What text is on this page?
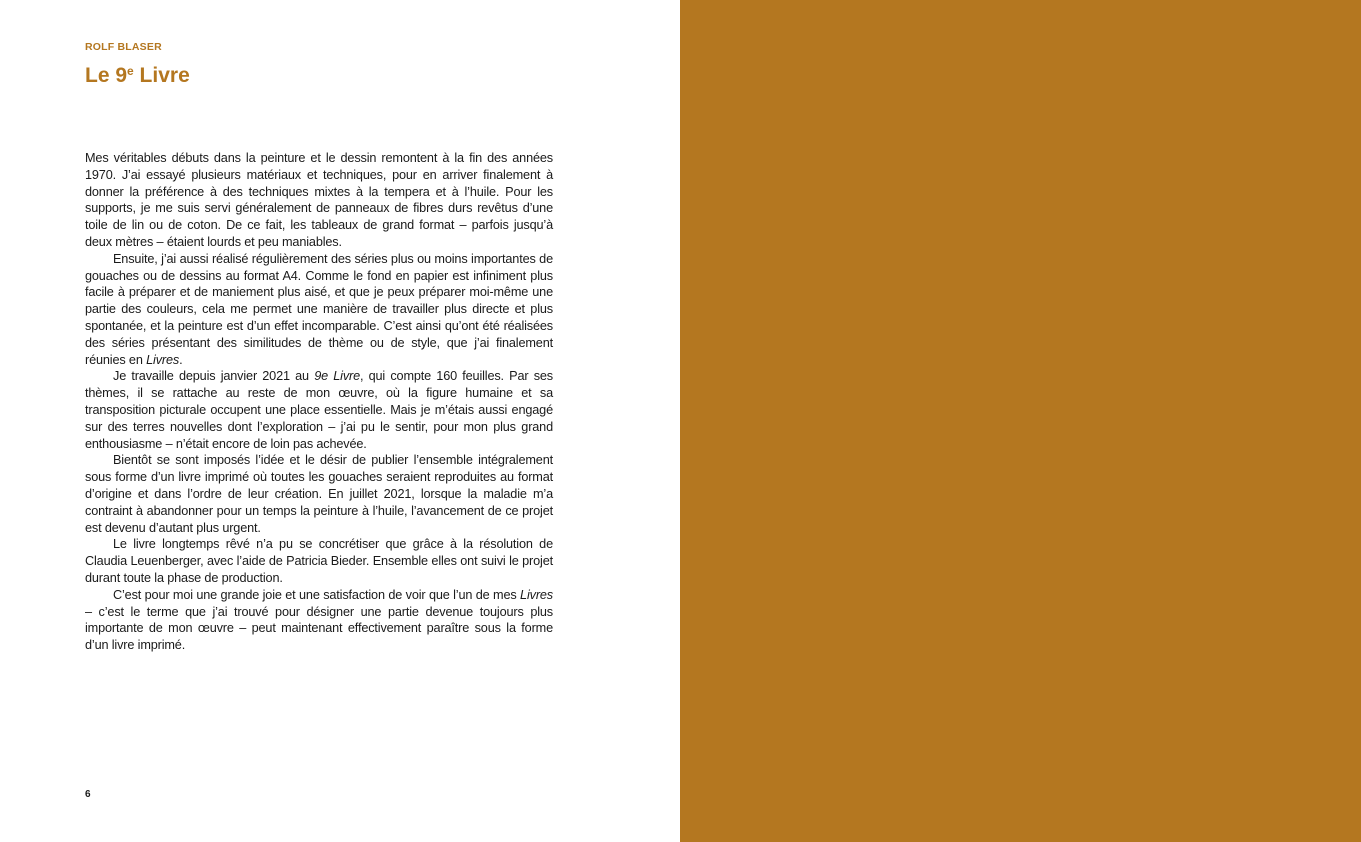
ROLF BLASER
Le 9e Livre

Mes véritables débuts dans la peinture et le dessin remontent à la fin des années 1970. J’ai essayé plusieurs matériaux et techniques, pour en arriver finalement à donner la préférence à des techniques mixtes à la tempera et à l’huile. Pour les supports, je me suis servi généralement de panneaux de fibres durs revêtus d’une toile de lin ou de coton. De ce fait, les tableaux de grand format – parfois jusqu’à deux mètres – étaient lourds et peu maniables.

Ensuite, j’ai aussi réalisé régulièrement des séries plus ou moins importantes de gouaches ou de dessins au format A4. Comme le fond en papier est infiniment plus facile à préparer et de maniement plus aisé, et que je peux préparer moi-même une partie des couleurs, cela me permet une manière de travailler plus directe et plus spontanée, et la peinture est d’un effet incomparable. C’est ainsi qu’ont été réalisées des séries présentant des similitudes de thème ou de style, que j’ai finalement réunies en Livres.

Je travaille depuis janvier 2021 au 9e Livre, qui compte 160 feuilles. Par ses thèmes, il se rattache au reste de mon œuvre, où la figure humaine et sa transposition picturale occupent une place essentielle. Mais je m’étais aussi engagé sur des terres nouvelles dont l’exploration – j’ai pu le sentir, pour mon plus grand enthousiasme – n’était encore de loin pas achevée.

Bientôt se sont imposés l’idée et le désir de publier l’ensemble intégralement sous forme d’un livre imprimé où toutes les gouaches seraient reproduites au format d’origine et dans l’ordre de leur création. En juillet 2021, lorsque la maladie m’a contraint à abandonner pour un temps la peinture à l’huile, l’avancement de ce projet est devenu d’autant plus urgent.

Le livre longtemps rêvé n’a pu se concrétiser que grâce à la résolution de Claudia Leuenberger, avec l’aide de Patricia Bieder. Ensemble elles ont suivi le projet durant toute la phase de production.

C’est pour moi une grande joie et une satisfaction de voir que l’un de mes Livres – c’est le terme que j’ai trouvé pour désigner une partie devenue toujours plus importante de mon œuvre – peut maintenant effectivement paraître sous la forme d’un livre imprimé.

6
